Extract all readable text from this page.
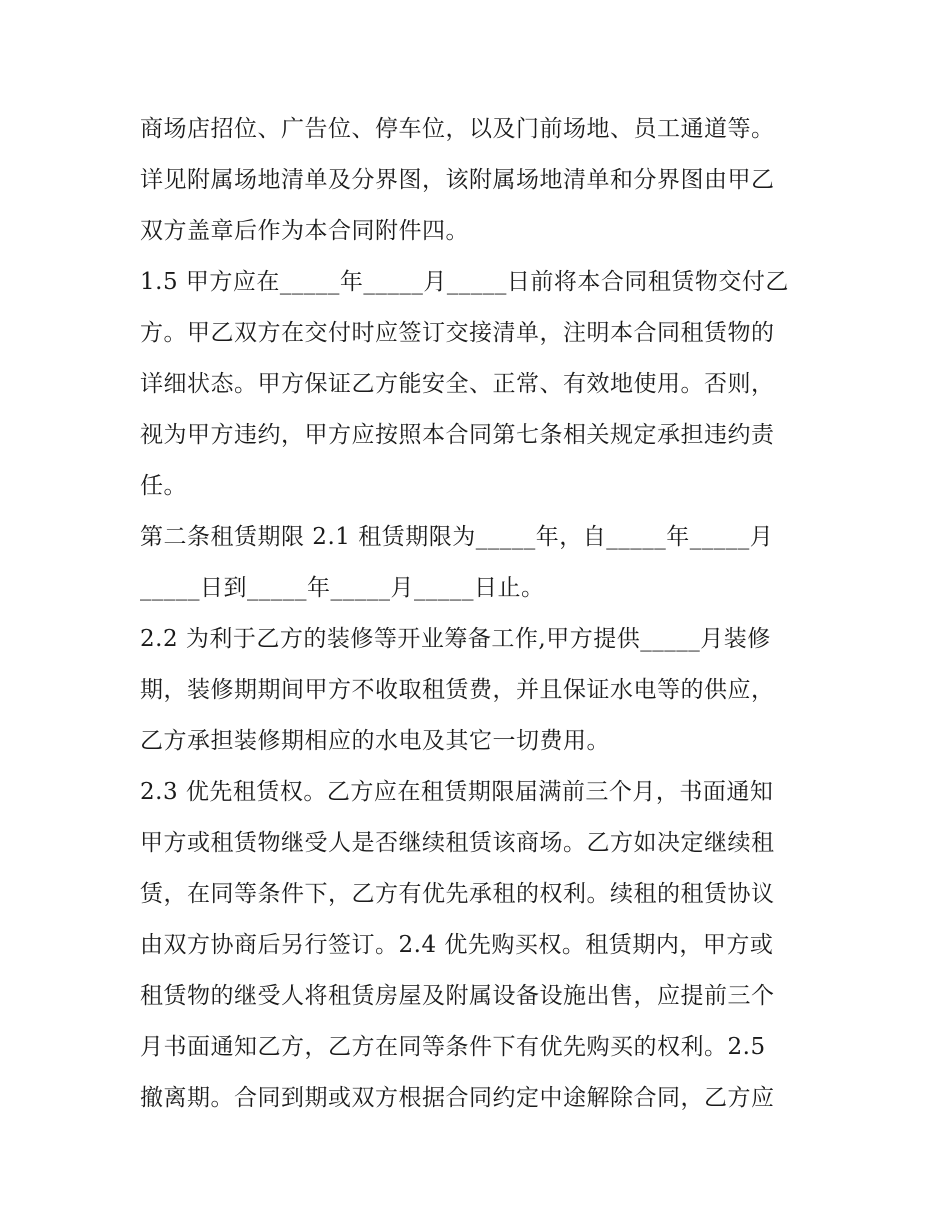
商场店招位、广告位、停车位，以及门前场地、员工通道等。
详见附属场地清单及分界图，该附属场地清单和分界图由甲乙
双方盖章后作为本合同附件四。
1.5 甲方应在_____年_____月_____日前将本合同租赁物交付乙
方。甲乙双方在交付时应签订交接清单，注明本合同租赁物的
详细状态。甲方保证乙方能安全、正常、有效地使用。否则，
视为甲方违约，甲方应按照本合同第七条相关规定承担违约责
任。
第二条租赁期限 2.1 租赁期限为_____年，自_____年_____月
_____日到_____年_____月_____日止。
2.2 为利于乙方的装修等开业筹备工作,甲方提供_____月装修
期，装修期期间甲方不收取租赁费，并且保证水电等的供应，
乙方承担装修期相应的水电及其它一切费用。
2.3 优先租赁权。乙方应在租赁期限届满前三个月，书面通知
甲方或租赁物继受人是否继续租赁该商场。乙方如决定继续租
赁，在同等条件下，乙方有优先承租的权利。续租的租赁协议
由双方协商后另行签订。2.4 优先购买权。租赁期内，甲方或
租赁物的继受人将租赁房屋及附属设备设施出售，应提前三个
月书面通知乙方，乙方在同等条件下有优先购买的权利。2.5
撤离期。合同到期或双方根据合同约定中途解除合同，乙方应
